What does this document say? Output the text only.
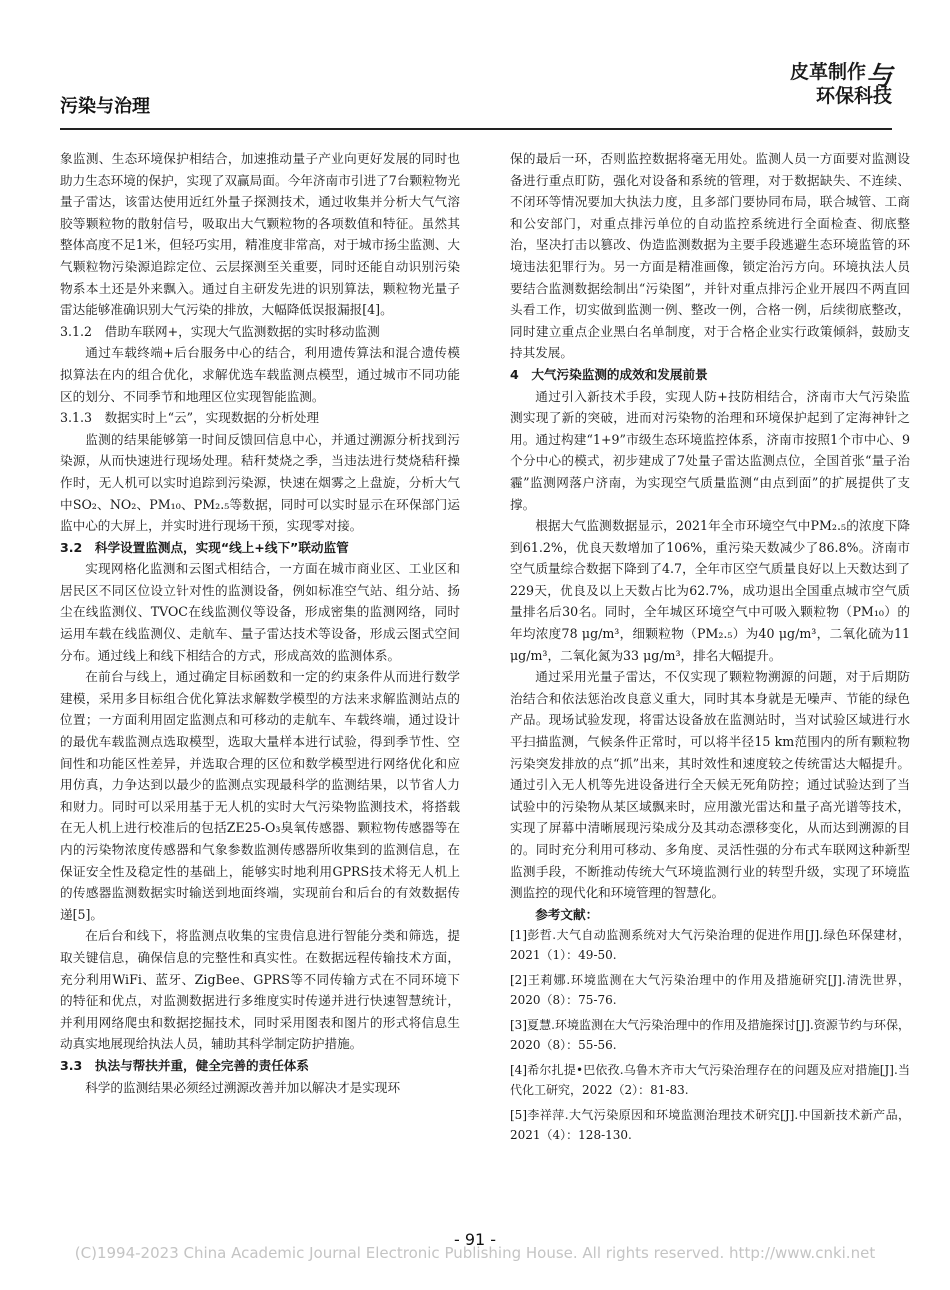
污染与治理
皮革制作 与
环保科技

象监测、生态环境保护相结合，加速推动量子产业向更好发展的同时也助力生态环境的保护，实现了双赢局面。今年济南市引进了7台颗粒物光量子雷达，该雷达使用近红外量子探测技术，通过收集并分析大气气溶胶等颗粒物的散射信号，吸取出大气颗粒物的各项数值和特征。虽然其整体高度不足1米，但轻巧实用，精准度非常高，对于城市扬尘监测、大气颗粒物污染源追踪定位、云层探测至关重要，同时还能自动识别污染物系本土还是外来飘入。通过自主研发先进的识别算法，颗粒物光量子雷达能够准确识别大气污染的排放，大幅降低误报漏报[4]。

3.1.2　借助车联网+，实现大气监测数据的实时移动监测

通过车载终端+后台服务中心的结合，利用遗传算法和混合遗传模拟算法在内的组合优化，求解优选车载监测点模型，通过城市不同功能区的划分、不同季节和地理区位实现智能监测。

3.1.3　数据实时上“云”，实现数据的分析处理

监测的结果能够第一时间反馈回信息中心，并通过溯源分析找到污染源，从而快速进行现场处理。秸秆焚烧之季，当违法进行焚烧秸秆操作时，无人机可以实时追踪到污染源，快速在烟雾之上盘旋，分析大气中SO₂、NO₂、PM₁₀、PM₂.₅等数据，同时可以实时显示在环保部门运监中心的大屏上，并实时进行现场干预，实现零对接。

3.2　科学设置监测点，实现“线上+线下”联动监管

实现网格化监测和云图式相结合，一方面在城市商业区、工业区和居民区不同区位设立针对性的监测设备，例如标准空气站、组分站、扬尘在线监测仪、TVOC在线监测仪等设备，形成密集的监测网络，同时运用车载在线监测仪、走航车、量子雷达技术等设备，形成云图式空间分布。通过线上和线下相结合的方式，形成高效的监测体系。

在前台与线上，通过确定目标函数和一定的约束条件从而进行数学建模，采用多目标组合优化算法求解数学模型的方法来求解监测站点的位置；一方面利用固定监测点和可移动的走航车、车载终端，通过设计的最优车载监测点选取模型，选取大量样本进行试验，得到季节性、空间性和功能区性差异，并选取合理的区位和数学模型进行网络优化和应用仿真，力争达到以最少的监测点实现最科学的监测结果，以节省人力和财力。同时可以采用基于无人机的实时大气污染物监测技术，将搭载在无人机上进行校准后的包括ZE25-O₃臭氧传感器、颗粒物传感器等在内的污染物浓度传感器和气象参数监测传感器所收集到的监测信息，在保证安全性及稳定性的基础上，能够实时地利用GPRS技术将无人机上的传感器监测数据实时输送到地面终端，实现前台和后台的有效数据传递[5]。

在后台和线下，将监测点收集的宝贵信息进行智能分类和筛选，提取关键信息，确保信息的完整性和真实性。在数据远程传输技术方面，充分利用WiFi、蓝牙、ZigBee、GPRS等不同传输方式在不同环境下的特征和优点，对监测数据进行多维度实时传递并进行快速智慧统计，并利用网络爬虫和数据挖掘技术，同时采用图表和图片的形式将信息生动真实地展现给执法人员，辅助其科学制定防护措施。

3.3　执法与帮扶并重，健全完善的责任体系

科学的监测结果必须经过溯源改善并加以解决才是实现环

保的最后一环，否则监控数据将毫无用处。监测人员一方面要对监测设备进行重点盯防，强化对设备和系统的管理，对于数据缺失、不连续、不闭环等情况要加大执法力度，且多部门要协同布局，联合城管、工商和公安部门，对重点排污单位的自动监控系统进行全面检查、彻底整治，坚决打击以篡改、伪造监测数据为主要手段逃避生态环境监管的环境违法犯罪行为。另一方面是精准画像，锁定治污方向。环境执法人员要结合监测数据绘制出“污染图”，并针对重点排污企业开展四不两直回头看工作，切实做到监测一例、整改一例，合格一例，后续彻底整改，同时建立重点企业黑白名单制度，对于合格企业实行政策倾斜，鼓励支持其发展。

4　大气污染监测的成效和发展前景

通过引入新技术手段，实现人防+技防相结合，济南市大气污染监测实现了新的突破，进而对污染物的治理和环境保护起到了定海神针之用。通过构建“1+9”市级生态环境监控体系，济南市按照1个市中心、9个分中心的模式，初步建成了7处量子雷达监测点位，全国首张“量子治霾”监测网落户济南，为实现空气质量监测“由点到面”的扩展提供了支撑。

根据大气监测数据显示，2021年全市环境空气中PM₂.₅的浓度下降到61.2%，优良天数增加了106%，重污染天数减少了86.8%。济南市空气质量综合数据下降到了4.7，全年市区空气质量良好以上天数达到了229天，优良及以上天数占比为62.7%，成功退出全国重点城市空气质量排名后30名。同时，全年城区环境空气中可吸入颗粒物（PM₁₀）的年均浓度78 μg/m³，细颗粒物（PM₂.₅）为40 μg/m³，二氧化硫为11 μg/m³，二氧化氮为33 μg/m³，排名大幅提升。

通过采用光量子雷达，不仅实现了颗粒物溯源的问题，对于后期防治结合和依法惩治改良意义重大，同时其本身就是无噪声、节能的绿色产品。现场试验发现，将雷达设备放在监测站时，当对试验区域进行水平扫描监测，气候条件正常时，可以将半径15 km范围内的所有颗粒物污染突发排放的点“抓”出来，其时效性和速度较之传统雷达大幅提升。通过引入无人机等先进设备进行全天候无死角防控；通过试验达到了当试验中的污染物从某区域飘来时，应用激光雷达和量子高光谱等技术，实现了屏幕中清晰展现污染成分及其动态漂移变化，从而达到溯源的目的。同时充分利用可移动、多角度、灵活性强的分布式车联网这种新型监测手段，不断推动传统大气环境监测行业的转型升级，实现了环境监测监控的现代化和环境管理的智慧化。

参考文献：

[1]彭哲.大气自动监测系统对大气污染治理的促进作用[J].绿色环保建材，2021（1）：49-50.

[2]王莉娜.环境监测在大气污染治理中的作用及措施研究[J].清洗世界，2020（8）：75-76.

[3]夏慧.环境监测在大气污染治理中的作用及措施探讨[J].资源节约与环保，2020（8）：55-56.

[4]希尔扎提•巴依孜.乌鲁木齐市大气污染治理存在的问题及应对措施[J].当代化工研究，2022（2）：81-83.

[5]李祥萍.大气污染原因和环境监测治理技术研究[J].中国新技术新产品，2021（4）：128-130.

- 91 -
(C)1994-2023 China Academic Journal Electronic Publishing House. All rights reserved. http://www.cnki.net
